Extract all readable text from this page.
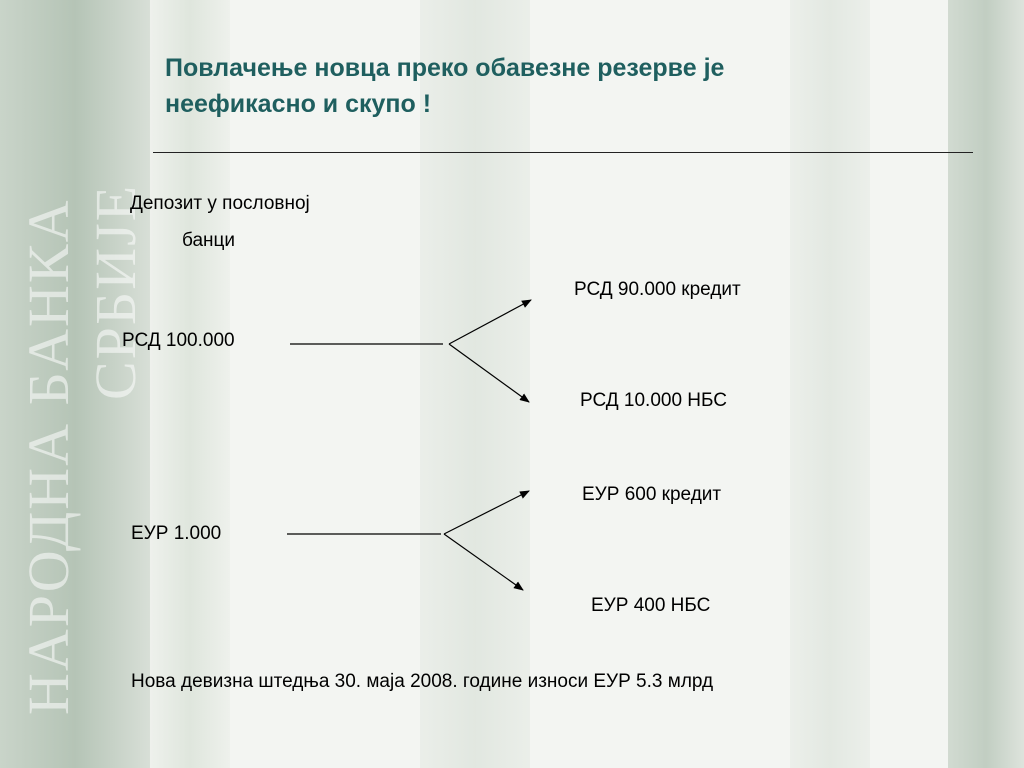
НАРОДНА БАНКА СРБИЈЕ
Повлачење новца преко обавезне резерве је
неефикасно и скупо !
Депозит у пословној
банци
РСД 100.000
РСД 90.000 кредит
РСД 10.000 НБС
ЕУР 1.000
ЕУР 600 кредит
ЕУР 400 НБС
Нова девизна штедња 30. маја 2008. године износи ЕУР 5.3 млрд
